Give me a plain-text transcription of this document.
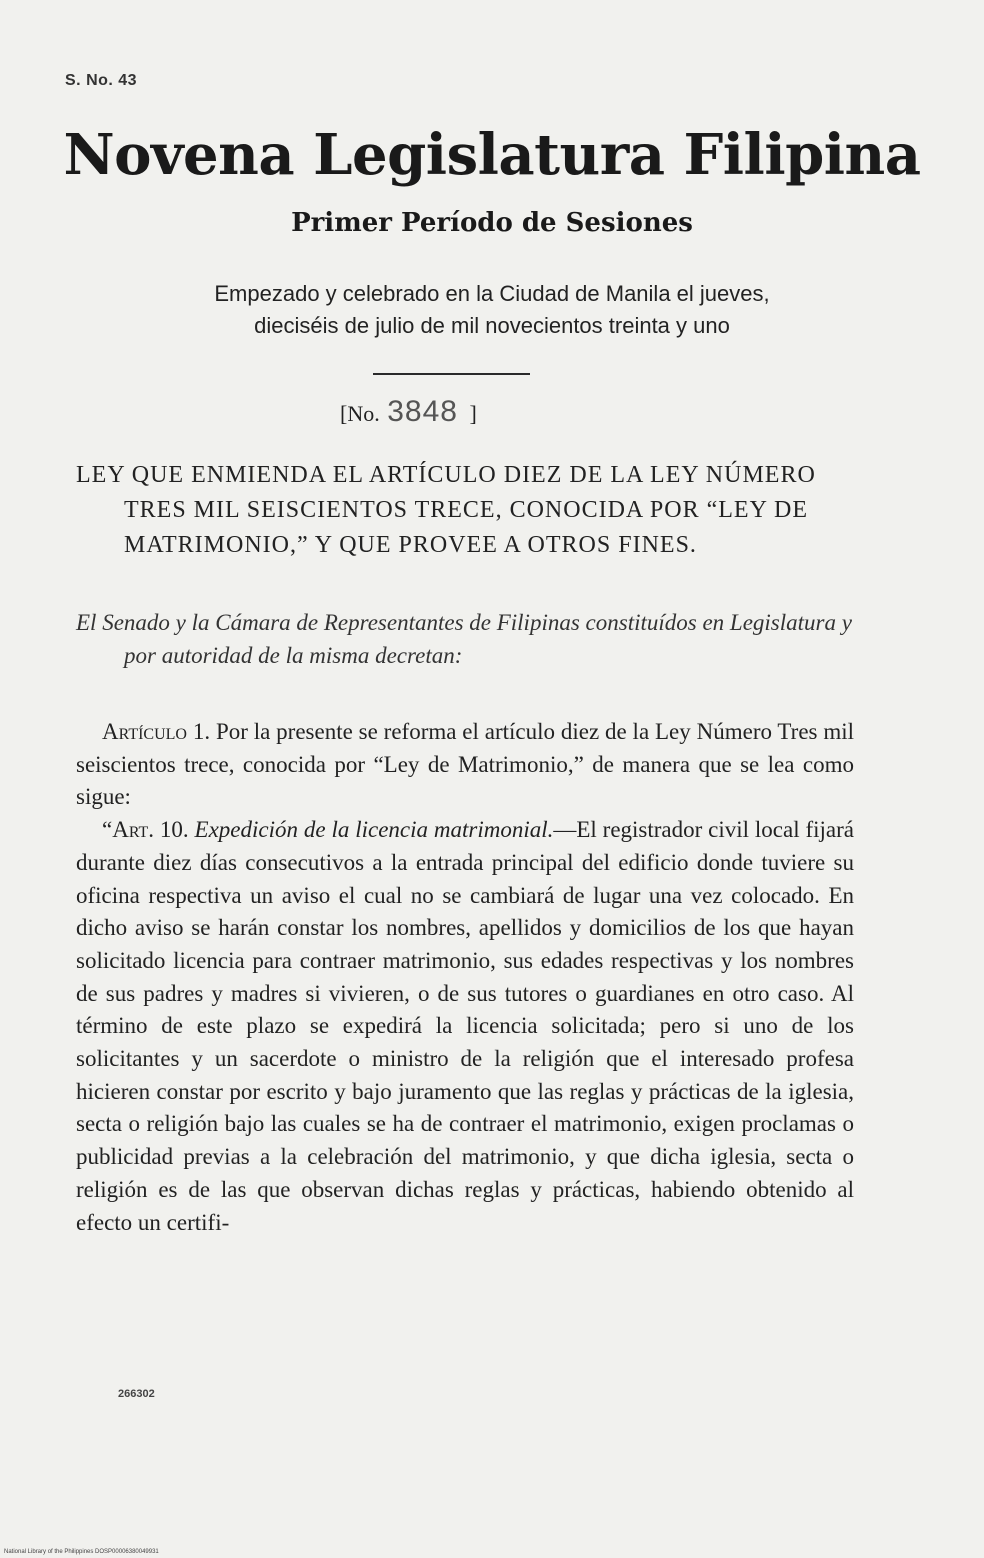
S. No. 43
Novena Legislatura Filipina
Primer Período de Sesiones
Empezado y celebrado en la Ciudad de Manila el jueves,
dieciséis de julio de mil novecientos treinta y uno
[No. 3848 ]

LEY QUE ENMIENDA EL ARTÍCULO DIEZ DE LA LEY NÚMERO TRES MIL SEISCIENTOS TRECE, CONOCIDA POR “LEY DE MATRIMONIO,” Y QUE PROVEE A OTROS FINES.

El Senado y la Cámara de Representantes de Filipinas constituídos en Legislatura y por autoridad de la misma decretan:

Artículo 1. Por la presente se reforma el artículo diez de la Ley Número Tres mil seiscientos trece, conocida por “Ley de Matrimonio,” de manera que se lea como sigue:

“Art. 10. Expedición de la licencia matrimonial.—El registrador civil local fijará durante diez días consecutivos a la entrada principal del edificio donde tuviere su oficina respectiva un aviso el cual no se cambiará de lugar una vez colocado. En dicho aviso se harán constar los nombres, apellidos y domicilios de los que hayan solicitado licencia para contraer matrimonio, sus edades respectivas y los nombres de sus padres y madres si vivieren, o de sus tutores o guardianes en otro caso. Al término de este plazo se expedirá la licencia solicitada; pero si uno de los solicitantes y un sacerdote o ministro de la religión que el interesado profesa hicieren constar por escrito y bajo juramento que las reglas y prácticas de la iglesia, secta o religión bajo las cuales se ha de contraer el matrimonio, exigen proclamas o publicidad previas a la celebración del matrimonio, y que dicha iglesia, secta o religión es de las que observan dichas reglas y prácticas, habiendo obtenido al efecto un certifi-

266302
National Library of the Philippines DOSP00006380049931
